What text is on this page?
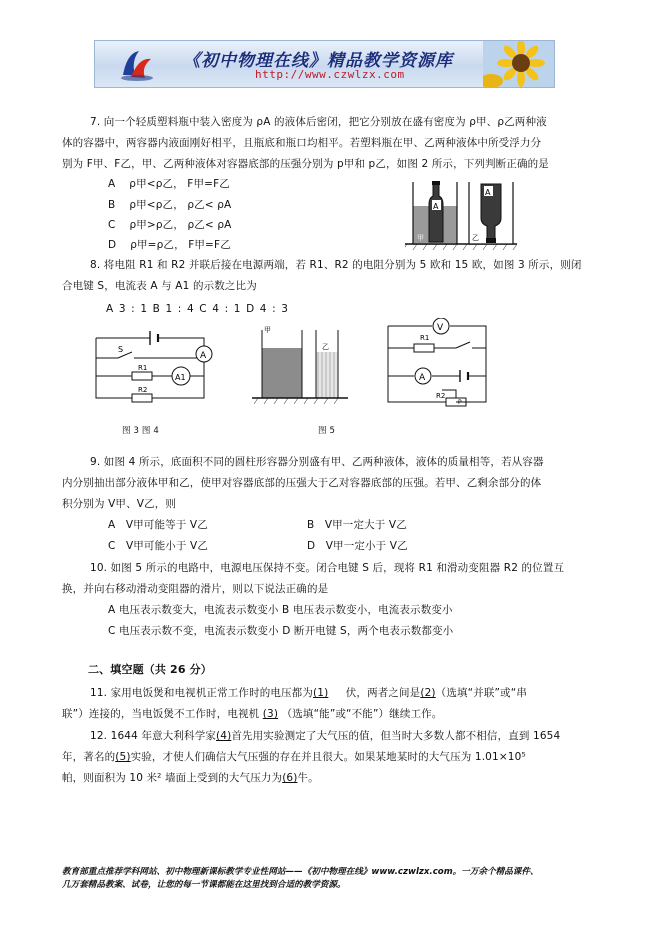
《初中物理在线》精品教学资源库
http://www.czwlzx.com
7. 向一个轻质塑料瓶中装入密度为 ρA 的液体后密闭，把它分别放在盛有密度为 ρ甲、ρ乙两种液
体的容器中，两容器内液面刚好相平，且瓶底和瓶口均相平。若塑料瓶在甲、乙两种液体中所受浮力分
别为 F甲、F乙，甲、乙两种液体对容器底部的压强分别为 p甲和 p乙，如图 2 所示，下列判断正确的是
A ρ甲<ρ乙， F甲=F乙
B ρ甲<ρ乙， ρ乙< ρA
C ρ甲>ρ乙， ρ乙< ρA
D ρ甲=ρ乙， F甲=F乙
A
甲
A
乙
8. 将电阻 R1 和 R2 并联后接在电源两端，若 R1、R2 的电阻分别为 5 欧和 15 欧，如图 3 所示，则闭
合电键 S，电流表 A 与 A1 的示数之比为
A 3 : 1 B 1 : 4 C 4 : 1 D 4 : 3
A
A1
S
R1
R2
甲
乙
V
A
R1
R2
P
图 3 图 4	图 5
9. 如图 4 所示，底面积不同的圆柱形容器分别盛有甲、乙两种液体，液体的质量相等，若从容器
内分别抽出部分液体甲和乙，使甲对容器底部的压强大于乙对容器底部的压强。若甲、乙剩余部分的体
积分别为 V甲、V乙，则
A V甲可能等于 V乙	B V甲一定大于 V乙
C V甲可能小于 V乙	D V甲一定小于 V乙
10. 如图 5 所示的电路中，电源电压保持不变。闭合电键 S 后，现将 R1 和滑动变阻器 R2 的位置互
换，并向右移动滑动变阻器的滑片，则以下说法正确的是
A 电压表示数变大，电流表示数变小 B 电压表示数变小，电流表示数变小
C 电压表示数不变，电流表示数变小 D 断开电键 S，两个电表示数都变小
二、填空题（共 26 分）
11. 家用电饭煲和电视机正常工作时的电压都为(1) 伏，两者之间是(2)（选填“并联”或“串
联”）连接的，当电饭煲不工作时，电视机 (3) （选填“能”或“不能”）继续工作。
12. 1644 年意大利科学家(4)首先用实验测定了大气压的值，但当时大多数人都不相信，直到 1654
年，著名的(5)实验，才使人们确信大气压强的存在并且很大。如果某地某时的大气压为 1.01×10⁵
帕，则面积为 10 米² 墙面上受到的大气压力为(6)牛。
教育部重点推荐学科网站、初中物理新课标教学专业性网站——《初中物理在线》www.czwlzx.com。一万余个精品课件、
几万套精品教案、试卷，让您的每一节课都能在这里找到合适的教学资源。
